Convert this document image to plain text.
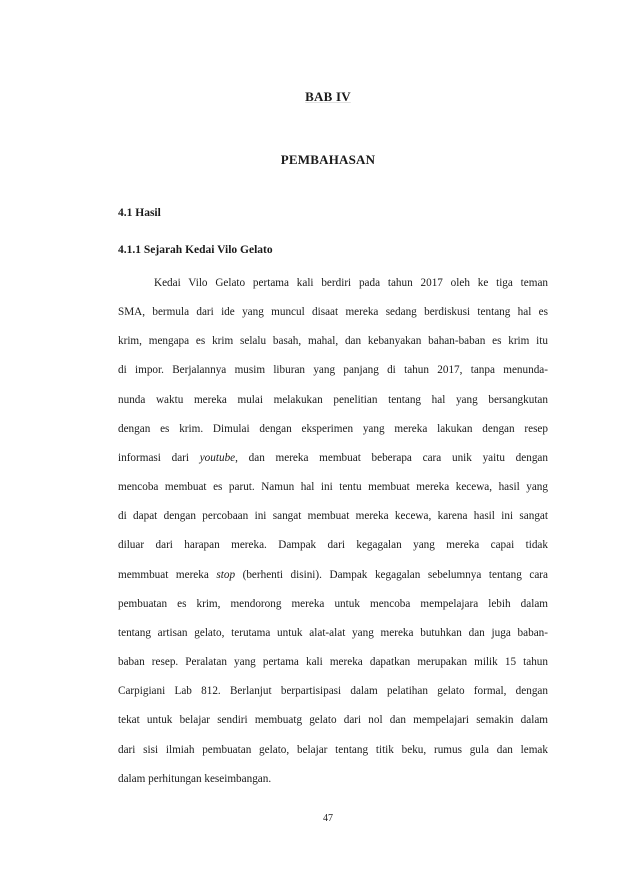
BAB IV
PEMBAHASAN
4.1 Hasil
4.1.1 Sejarah Kedai Vilo Gelato
Kedai Vilo Gelato pertama kali berdiri pada tahun 2017 oleh ke tiga teman
SMA, bermula dari ide yang muncul disaat mereka sedang berdiskusi tentang hal es
krim, mengapa es krim selalu basah, mahal, dan kebanyakan bahan-baban es krim itu
di impor. Berjalannya musim liburan yang panjang di tahun 2017, tanpa menunda-
nunda waktu mereka mulai melakukan penelitian tentang hal yang bersangkutan
dengan es krim. Dimulai dengan eksperimen yang mereka lakukan dengan resep
informasi dari youtube, dan mereka membuat beberapa cara unik yaitu dengan
mencoba membuat es parut. Namun hal ini tentu membuat mereka kecewa, hasil yang
di dapat dengan percobaan ini sangat membuat mereka kecewa, karena hasil ini sangat
diluar dari harapan mereka. Dampak dari kegagalan yang mereka capai tidak
memmbuat mereka stop (berhenti disini). Dampak kegagalan sebelumnya tentang cara
pembuatan es krim, mendorong mereka untuk mencoba mempelajara lebih dalam
tentang artisan gelato, terutama untuk alat-alat yang mereka butuhkan dan juga baban-
baban resep. Peralatan yang pertama kali mereka dapatkan merupakan milik 15 tahun
Carpigiani Lab 812. Berlanjut berpartisipasi dalam pelatihan gelato formal, dengan
tekat untuk belajar sendiri membuatg gelato dari nol dan mempelajari semakin dalam
dari sisi ilmiah pembuatan gelato, belajar tentang titik beku, rumus gula dan lemak
dalam perhitungan keseimbangan.
47
